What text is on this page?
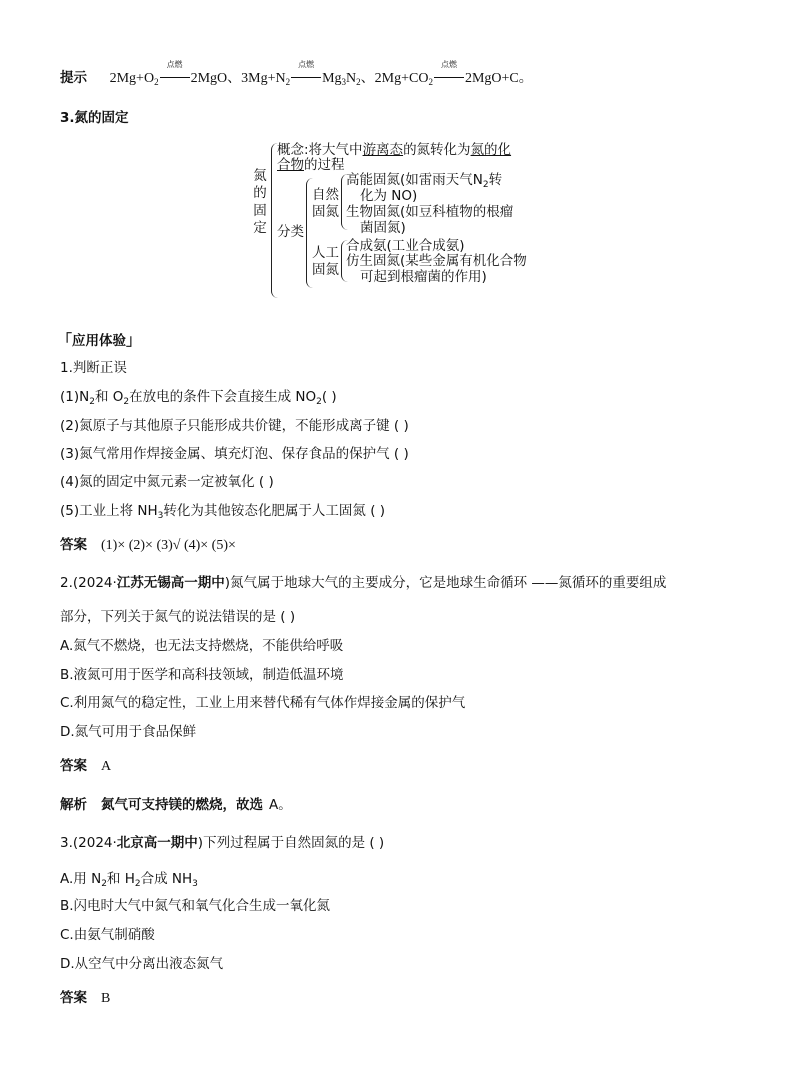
提示 $2Mg+O_2$
点燃
2MgO、$3Mg+N_2$
点燃
$Mg_3N_2$、$2Mg+CO_2$
点燃
2MgO+C。
3.氮的固定
氮
的
固
定
概念:将大气中游离态的氮转化为氮的化
合物的过程
分类
自然
固氮
高能固氮(如雷雨天气$N_2$转
化为 NO)
生物固氮(如豆科植物的根瘤
菌固氮)
人工
固氮
合成氨(工业合成氨)
仿生固氮(某些金属有机化合物
可起到根瘤菌的作用)
「应用体验」
1.判断正误
$(1)N_2$和 $O_2$在放电的条件下会直接生成 $NO_2$( )
(2)氮原子与其他原子只能形成共价键，不能形成离子键 ( )
(3)氮气常用作焊接金属、填充灯泡、保存食品的保护气 ( )
(4)氮的固定中氮元素一定被氧化 ( )
(5)工业上将 $NH_3$转化为其他铵态化肥属于人工固氮 ( )
答案 (1)× (2)× (3)√ (4)× (5)×
2.(2024·江苏无锡高一期中)氮气属于地球大气的主要成分，它是地球生命循环 ——氮循环的重要组成
部分，下列关于氮气的说法错误的是 ( )
A.氮气不燃烧，也无法支持燃烧，不能供给呼吸
B.液氮可用于医学和高科技领域，制造低温环境
C.利用氮气的稳定性，工业上用来替代稀有气体作焊接金属的保护气
D.氮气可用于食品保鲜
答案 A
解析 氮气可支持镁的燃烧，故选 A。
3.(2024·北京高一期中)下列过程属于自然固氮的是 ( )
A.用 $N_2$和 $H_2$合成 $NH_3$
B.闪电时大气中氮气和氧气化合生成一氧化氮
C.由氨气制硝酸
D.从空气中分离出液态氮气
答案 B
